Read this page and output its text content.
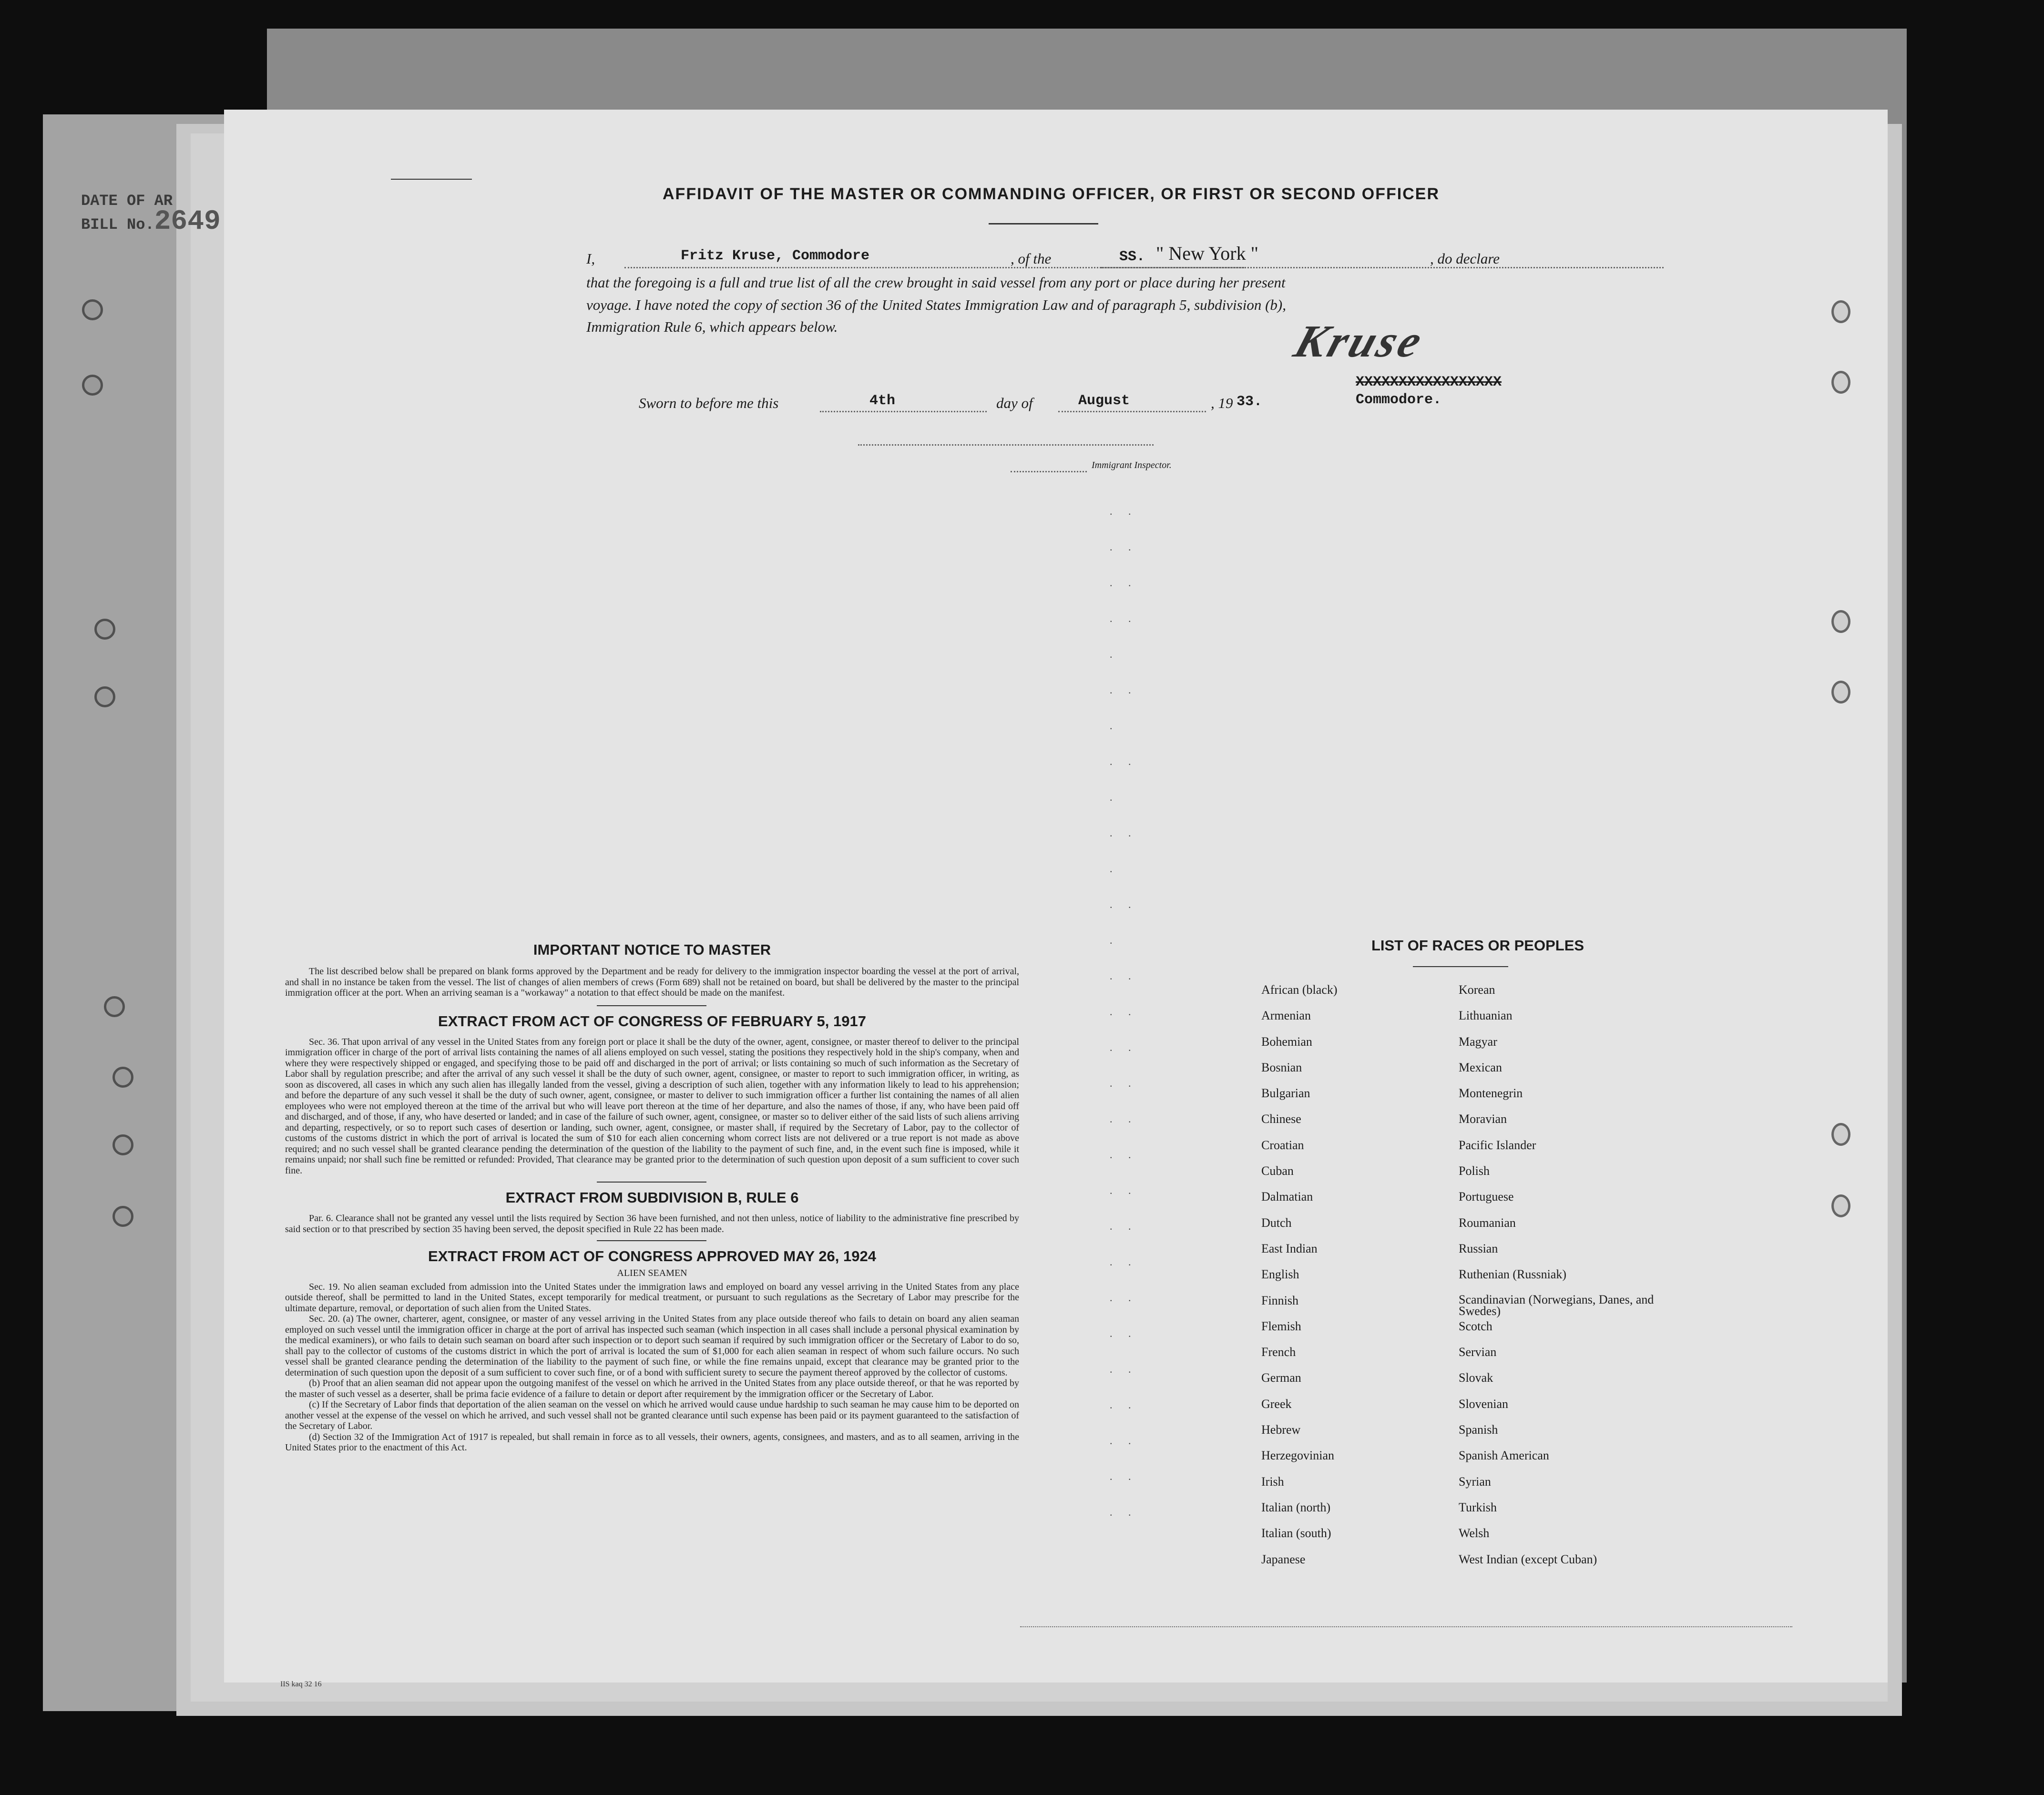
DATE OF AR
BILL No.2649
AFFIDAVIT OF THE MASTER OR COMMANDING OFFICER, OR FIRST OR SECOND OFFICER
I,	Fritz Kruse, Commodore	, of the	SS. " New York "	, do declare
that the foregoing is a full and true list of all the crew brought in said vessel from any port or place during her present
voyage. I have noted the copy of section 36 of the United States Immigration Law and of paragraph 5, subdivision (b),
Immigration Rule 6, which appears below.	Kruse
XXXXXXXXXXXXXXXXX
Commodore.
Sworn to before me this	4th	day of	August	, 19 33.
Immigrant Inspector.
. .
. .
. .
. .
.
. .
.
. .
.
. .
.
. .
.
. .
. .
. .
. .
. .
. .
. .
. .
. .
. .
. .
. .
. .
. .
. .
. .
IMPORTANT NOTICE TO MASTER

The list described below shall be prepared on blank forms approved by the Department and be ready for delivery to the immigration inspector boarding the vessel at the port of arrival, and shall in no instance be taken from the vessel. The list of changes of alien members of crews (Form 689) shall not be retained on board, but shall be delivered by the master to the principal immigration officer at the port. When an arriving seaman is a "workaway" a notation to that effect should be made on the manifest.

EXTRACT FROM ACT OF CONGRESS OF FEBRUARY 5, 1917

Sec. 36. That upon arrival of any vessel in the United States from any foreign port or place it shall be the duty of the owner, agent, consignee, or master thereof to deliver to the principal immigration officer in charge of the port of arrival lists containing the names of all aliens employed on such vessel, stating the positions they respectively hold in the ship's company, when and where they were respectively shipped or engaged, and specifying those to be paid off and discharged in the port of arrival; or lists containing so much of such information as the Secretary of Labor shall by regulation prescribe; and after the arrival of any such vessel it shall be the duty of such owner, agent, consignee, or master to report to such immigration officer, in writing, as soon as discovered, all cases in which any such alien has illegally landed from the vessel, giving a description of such alien, together with any information likely to lead to his apprehension; and before the departure of any such vessel it shall be the duty of such owner, agent, consignee, or master to deliver to such immigration officer a further list containing the names of all alien employees who were not employed thereon at the time of the arrival but who will leave port thereon at the time of her departure, and also the names of those, if any, who have been paid off and discharged, and of those, if any, who have deserted or landed; and in case of the failure of such owner, agent, consignee, or master so to deliver either of the said lists of such aliens arriving and departing, respectively, or so to report such cases of desertion or landing, such owner, agent, consignee, or master shall, if required by the Secretary of Labor, pay to the collector of customs of the customs district in which the port of arrival is located the sum of $10 for each alien concerning whom correct lists are not delivered or a true report is not made as above required; and no such vessel shall be granted clearance pending the determination of the question of the liability to the payment of such fine, and, in the event such fine is imposed, while it remains unpaid; nor shall such fine be remitted or refunded: Provided, That clearance may be granted prior to the determination of such question upon deposit of a sum sufficient to cover such fine.

EXTRACT FROM SUBDIVISION B, RULE 6

Par. 6. Clearance shall not be granted any vessel until the lists required by Section 36 have been furnished, and not then unless, notice of liability to the administrative fine prescribed by said section or to that prescribed by section 35 having been served, the deposit specified in Rule 22 has been made.

EXTRACT FROM ACT OF CONGRESS APPROVED MAY 26, 1924
ALIEN SEAMEN

Sec. 19. No alien seaman excluded from admission into the United States under the immigration laws and employed on board any vessel arriving in the United States from any place outside thereof, shall be permitted to land in the United States, except temporarily for medical treatment, or pursuant to such regulations as the Secretary of Labor may prescribe for the ultimate departure, removal, or deportation of such alien from the United States.

Sec. 20. (a) The owner, charterer, agent, consignee, or master of any vessel arriving in the United States from any place outside thereof who fails to detain on board any alien seaman employed on such vessel until the immigration officer in charge at the port of arrival has inspected such seaman (which inspection in all cases shall include a personal physical examination by the medical examiners), or who fails to detain such seaman on board after such inspection or to deport such seaman if required by such immigration officer or the Secretary of Labor to do so, shall pay to the collector of customs of the customs district in which the port of arrival is located the sum of $1,000 for each alien seaman in respect of whom such failure occurs. No such vessel shall be granted clearance pending the determination of the liability to the payment of such fine, or while the fine remains unpaid, except that clearance may be granted prior to the determination of such question upon the deposit of a sum sufficient to cover such fine, or of a bond with sufficient surety to secure the payment thereof approved by the collector of customs.

(b) Proof that an alien seaman did not appear upon the outgoing manifest of the vessel on which he arrived in the United States from any place outside thereof, or that he was reported by the master of such vessel as a deserter, shall be prima facie evidence of a failure to detain or deport after requirement by the immigration officer or the Secretary of Labor.

(c) If the Secretary of Labor finds that deportation of the alien seaman on the vessel on which he arrived would cause undue hardship to such seaman he may cause him to be deported on another vessel at the expense of the vessel on which he arrived, and such vessel shall not be granted clearance until such expense has been paid or its payment guaranteed to the satisfaction of the Secretary of Labor.

(d) Section 32 of the Immigration Act of 1917 is repealed, but shall remain in force as to all vessels, their owners, agents, consignees, and masters, and as to all seamen, arriving in the United States prior to the enactment of this Act.

LIST OF RACES OR PEOPLES
African (black)
Armenian
Bohemian
Bosnian
Bulgarian
Chinese
Croatian
Cuban
Dalmatian
Dutch
East Indian
English
Finnish
Flemish
French
German
Greek
Hebrew
Herzegovinian
Irish
Italian (north)
Italian (south)
Japanese
Korean
Lithuanian
Magyar
Mexican
Montenegrin
Moravian
Pacific Islander
Polish
Portuguese
Roumanian
Russian
Ruthenian (Russniak)
Scandinavian (Norwegians, Danes, and Swedes)
Scotch
Servian
Slovak
Slovenian
Spanish
Spanish American
Syrian
Turkish
Welsh
West Indian (except Cuban)
IIS kaq 32 16
